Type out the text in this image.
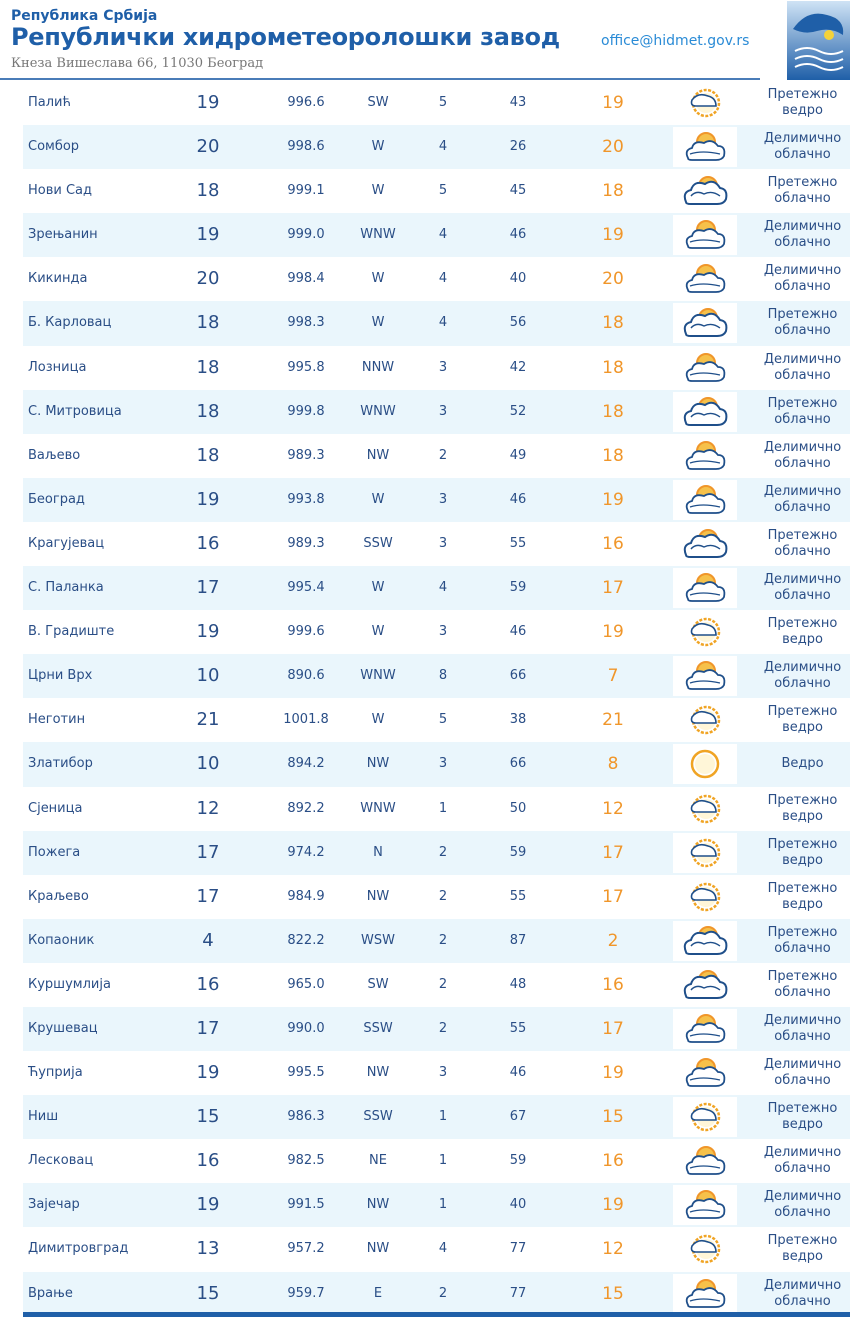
Република Србија
Републички хидрометеоролошки завод
Кнеза Вишеслава 66, 11030 Београд
office@hidmet.gov.rs
Палић	19	996.6	SW	5	43	19	Претежно
ведро
Сомбор	20	998.6	W	4	26	20	Делимично
облачно
Нови Сад	18	999.1	W	5	45	18	Претежно
облачно
Зрењанин	19	999.0	WNW	4	46	19	Делимично
облачно
Кикинда	20	998.4	W	4	40	20	Делимично
облачно
Б. Карловац	18	998.3	W	4	56	18	Претежно
облачно
Лозница	18	995.8	NNW	3	42	18	Делимично
облачно
С. Митровица	18	999.8	WNW	3	52	18	Претежно
облачно
Ваљево	18	989.3	NW	2	49	18	Делимично
облачно
Београд	19	993.8	W	3	46	19	Делимично
облачно
Крагујевац	16	989.3	SSW	3	55	16	Претежно
облачно
С. Паланка	17	995.4	W	4	59	17	Делимично
облачно
В. Градиште	19	999.6	W	3	46	19	Претежно
ведро
Црни Врх	10	890.6	WNW	8	66	7	Делимично
облачно
Неготин	21	1001.8	W	5	38	21	Претежно
ведро
Златибор	10	894.2	NW	3	66	8	Ведро
Сјеница	12	892.2	WNW	1	50	12	Претежно
ведро
Пожега	17	974.2	N	2	59	17	Претежно
ведро
Краљево	17	984.9	NW	2	55	17	Претежно
ведро
Копаоник	4	822.2	WSW	2	87	2	Претежно
облачно
Куршумлија	16	965.0	SW	2	48	16	Претежно
облачно
Крушевац	17	990.0	SSW	2	55	17	Делимично
облачно
Ћуприја	19	995.5	NW	3	46	19	Делимично
облачно
Ниш	15	986.3	SSW	1	67	15	Претежно
ведро
Лесковац	16	982.5	NE	1	59	16	Делимично
облачно
Зајечар	19	991.5	NW	1	40	19	Делимично
облачно
Димитровград	13	957.2	NW	4	77	12	Претежно
ведро
Врање	15	959.7	E	2	77	15	Делимично
облачно
